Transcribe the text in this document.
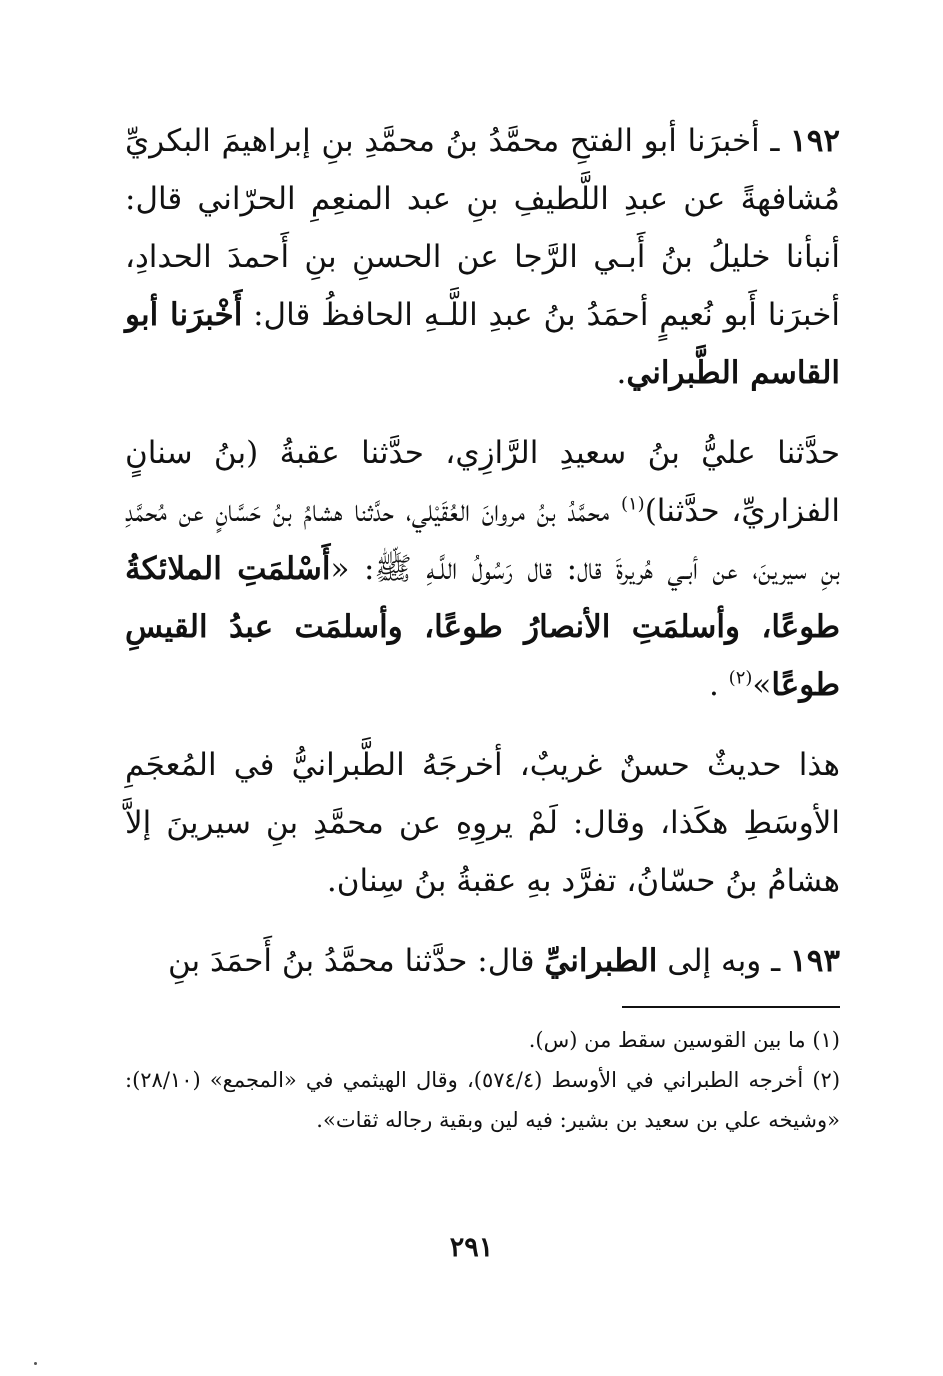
١٩٢ ـ أخبرَنا أبو الفتحِ محمَّدُ بنُ محمَّدِ بنِ إبراهيمَ البكريِّ مُشافهةً عن عبدِ اللَّطيفِ بنِ عبد المنعِمِ الحرّاني قال: أنبأنا خليلُ بنُ أَبـي الرَّجا عن الحسنِ بنِ أَحمدَ الحدادِ، أخبرَنا أَبو نُعيمٍ أحمَدُ بنُ عبدِ اللَّـهِ الحافظُ قال: أَخْبرَنا أبو القاسم الطَّبراني.

حدَّثنا عليُّ بنُ سعيدِ الرَّازِي، حدَّثنا عقبةُ (بنُ سنانٍ الفزاريِّ، حدَّثنا)$^{(١)}$ محمَّدُ بنُ مروانَ العُقَيْلي، حدَّثنا هشامُ بنُ حَسَّانٍ عن مُحمَّدِ بنِ سيرينَ، عن أبـي هُريرةَ قال: قال رَسُولُ اللَّـهِ ﷺ: «أَسْلمَتِ الملائكةُ طوعًا، وأسلمَتِ الأنصارُ طوعًا، وأسلمَت عبدُ القيسِ طوعًا»$^{(٢)}$ .

هذا حديثٌ حسنٌ غريبٌ، أخرجَهُ الطَّبرانيُّ في المُعجَمِ الأوسَطِ هكَذا، وقال: لَمْ يروِهِ عن محمَّدِ بنِ سيرينَ إلاَّ هشامُ بنُ حسّانُ، تفرَّد بهِ عقبةُ بنُ سِنان.

١٩٣ ـ وبه إلى الطبرانيِّ قال: حدَّثنا محمَّدُ بنُ أَحمَدَ بنِ

(١) ما بين القوسين سقط من (س).

(٢) أخرجه الطبراني في الأوسط (٥٧٤/٤)، وقال الهيثمي في «المجمع» (٢٨/١٠): «وشيخه علي بن سعيد بن بشير: فيه لين وبقية رجاله ثقات».

٢٩١
